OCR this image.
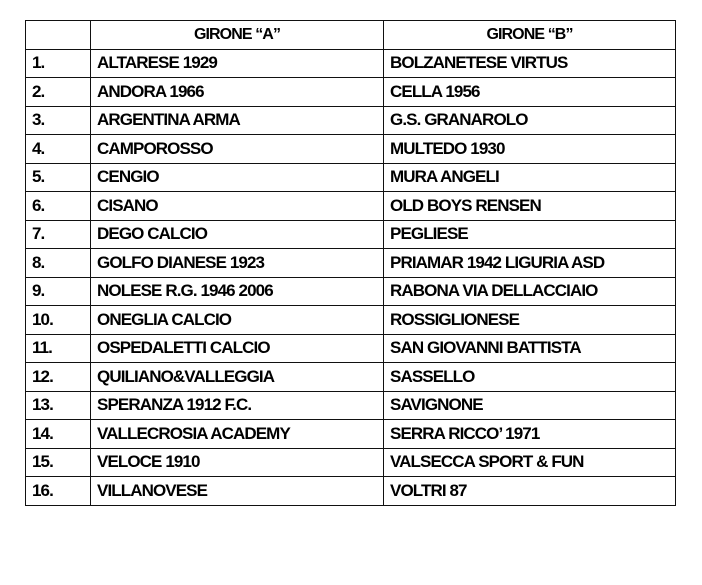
	GIRONE “A”	GIRONE “B”
1.	ALTARESE 1929	BOLZANETESE VIRTUS
2.	ANDORA 1966	CELLA 1956
3.	ARGENTINA ARMA	G.S. GRANAROLO
4.	CAMPOROSSO	MULTEDO 1930
5.	CENGIO	MURA ANGELI
6.	CISANO	OLD BOYS RENSEN
7.	DEGO CALCIO	PEGLIESE
8.	GOLFO DIANESE 1923	PRIAMAR 1942 LIGURIA ASD
9.	NOLESE R.G. 1946 2006	RABONA VIA DELLACCIAIO
10.	ONEGLIA CALCIO	ROSSIGLIONESE
11.	OSPEDALETTI CALCIO	SAN GIOVANNI BATTISTA
12.	QUILIANO&VALLEGGIA	SASSELLO
13.	SPERANZA 1912 F.C.	SAVIGNONE
14.	VALLECROSIA ACADEMY	SERRA RICCO’ 1971
15.	VELOCE 1910	VALSECCA SPORT & FUN
16.	VILLANOVESE	VOLTRI 87
